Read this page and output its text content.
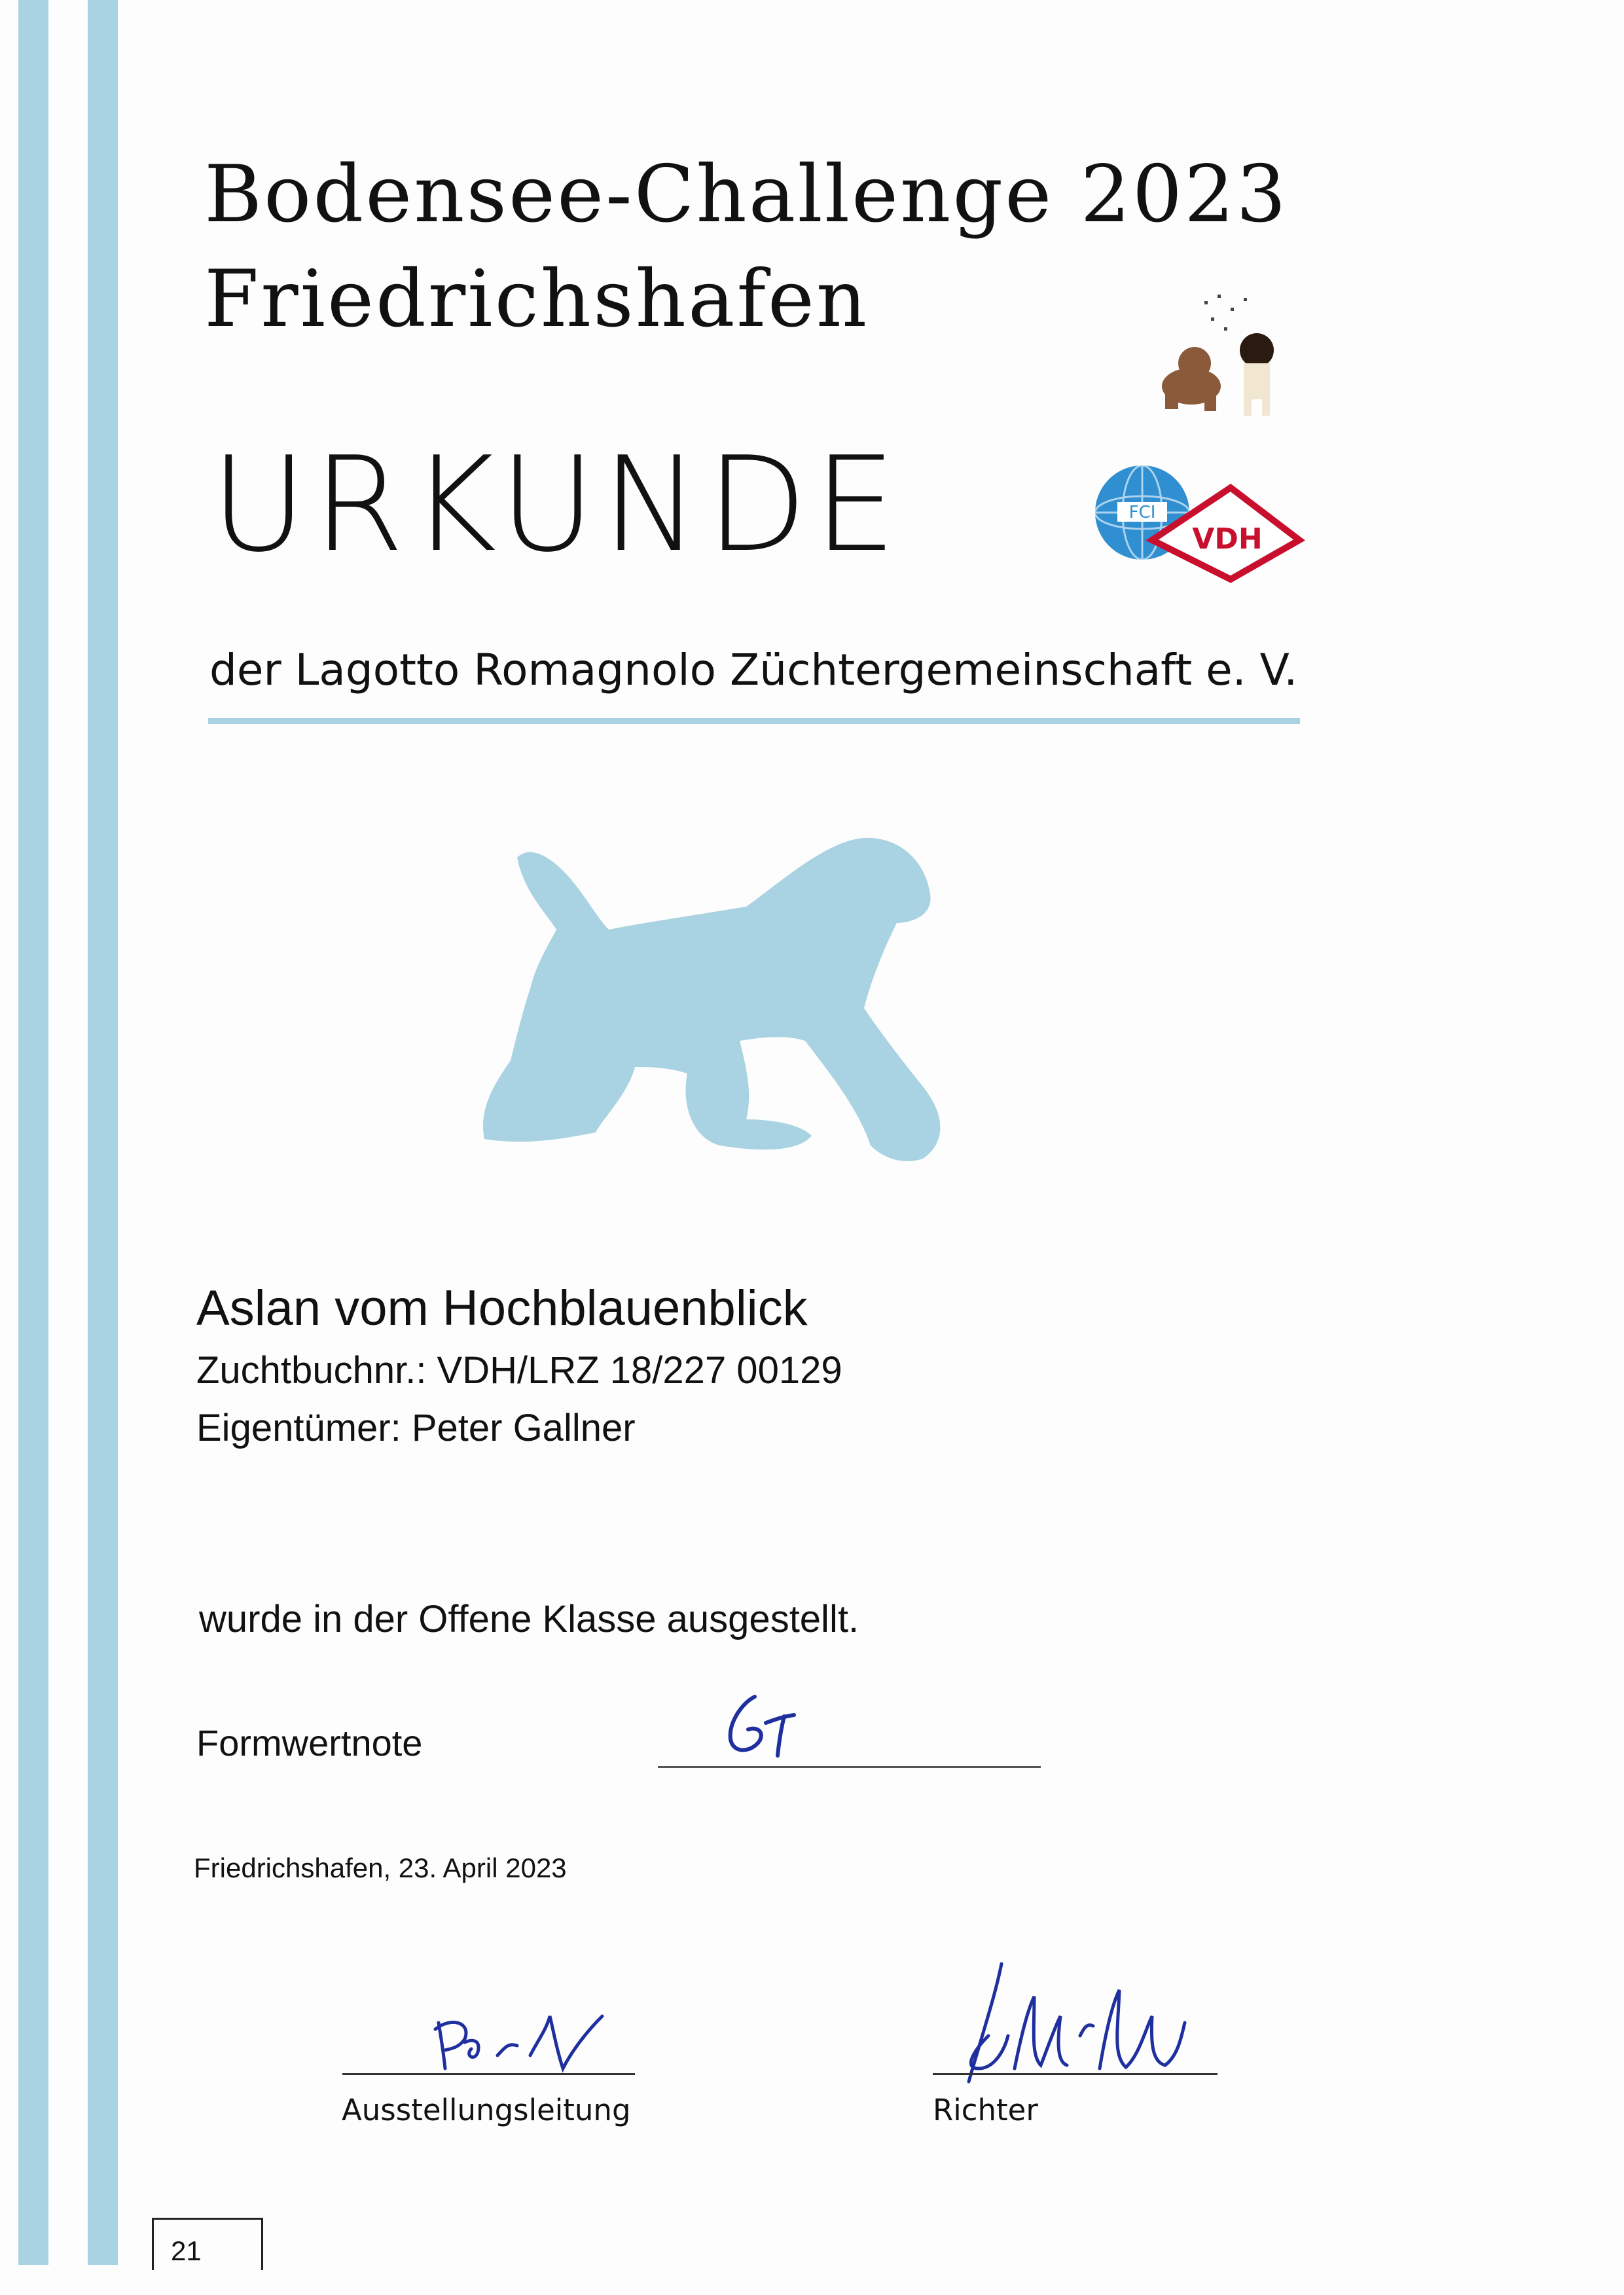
Bodensee-Challenge 2023
Friedrichshafen
URKUNDE	FCI
VDH
der Lagotto Romagnolo Züchtergemeinschaft e. V.
Aslan vom Hochblauenblick
Zuchtbuchnr.: VDH/LRZ 18/227 00129
Eigentümer: Peter Gallner
wurde in der Offene Klasse ausgestellt.
Formwertnote
Friedrichshafen, 23. April 2023
Ausstellungsleitung	Richter
21
